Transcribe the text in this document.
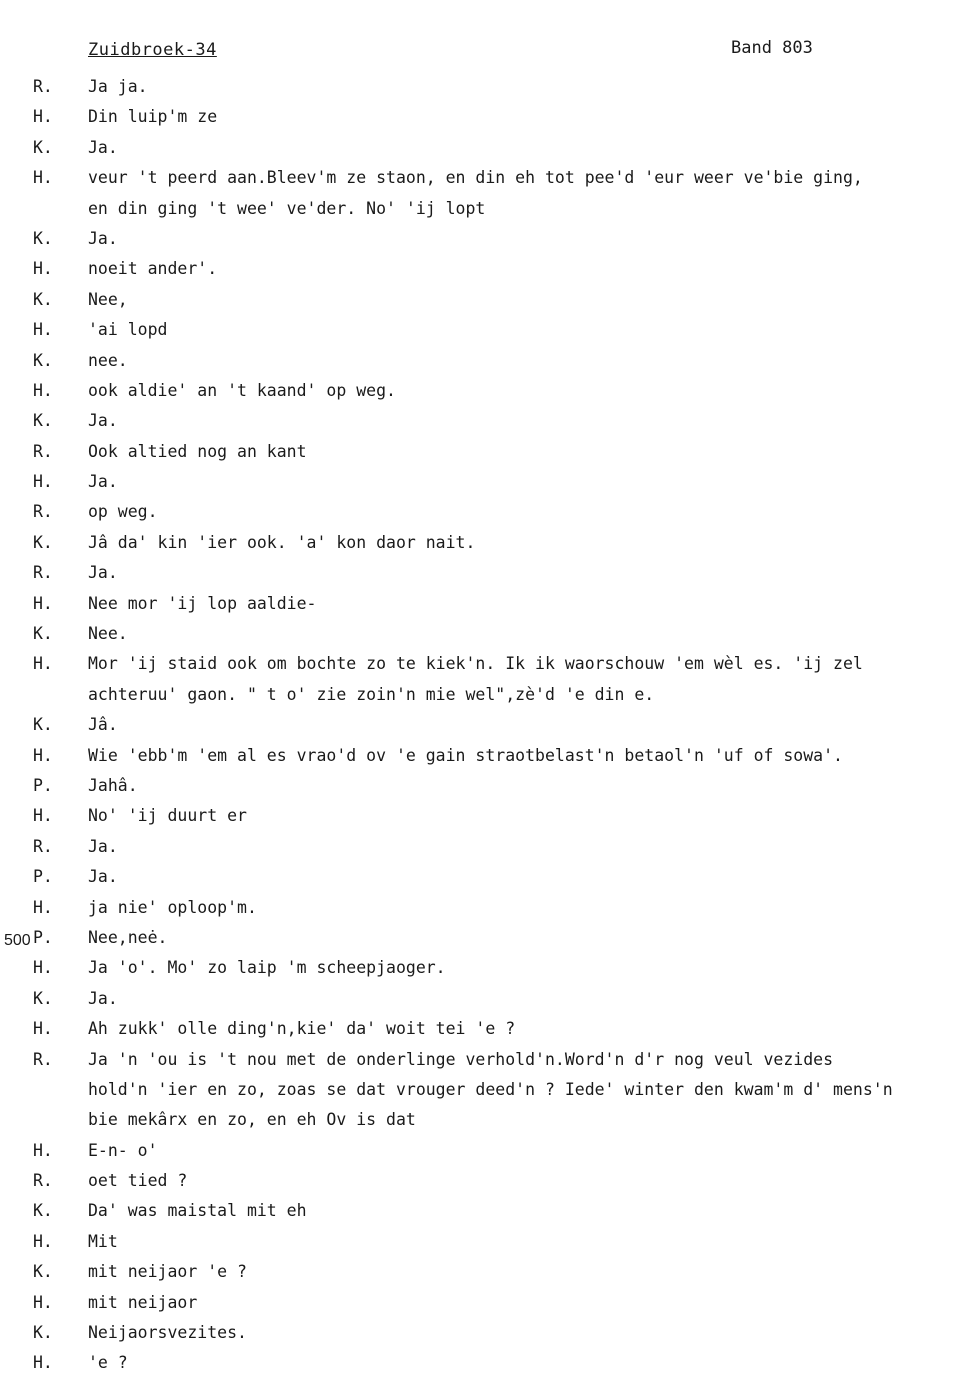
Zuidbroek-34	Band 803
500
R.	Ja ja.
H.	Din luip'm ze
K.	Ja.
H.	veur 't peerd aan.Bleev'm ze staon, en din eh tot pee'd 'eur weer ve'bie ging,
en din ging 't wee' ve'der. No' 'ij lopt
K.	Ja.
H.	noeit ander'.
K.	Nee,
H.	'ai lopd
K.	nee.
H.	ook aldie' an 't kaand' op weg.
K.	Ja.
R.	Ook altied nog an kant
H.	Ja.
R.	op weg.
K.	Jâ da' kin 'ier ook. 'a' kon daor nait.
R.	Ja.
H.	Nee mor 'ij lop aaldie-
K.	Nee.
H.	Mor 'ij staid ook om bochte zo te kiek'n. Ik ik waorschouw 'em wèl es. 'ij zel
achteruu' gaon. " t o' zie zoin'n mie wel",zè'd 'e din e.
K.	Jâ.
H.	Wie 'ebb'm 'em al es vrao'd ov 'e gain straotbelast'n betaol'n 'uf of sowa'.
P.	Jahâ.
H.	No' 'ij duurt er
R.	Ja.
P.	Ja.
H.	ja nie' oploop'm.
P.	Nee,neė.
H.	Ja 'o'. Mo' zo laip 'm scheepjaoger.
K.	Ja.
H.	Ah zukk' olle ding'n,kie' da' woit tei 'e ?
R.	Ja 'n 'ou is 't nou met de onderlinge verhold'n.Word'n d'r nog veul vezides
hold'n 'ier en zo, zoas se dat vrouger deed'n ? Iede' winter den kwam'm d' mens'n
bie mekârx en zo, en eh Ov is dat
H.	E-n- o'
R.	oet tied ?
K.	Da' was maistal mit eh
H.	Mit
K.	mit neijaor 'e ?
H.	mit neijaor
K.	Neijaorsvezites.
H.	'e ?
